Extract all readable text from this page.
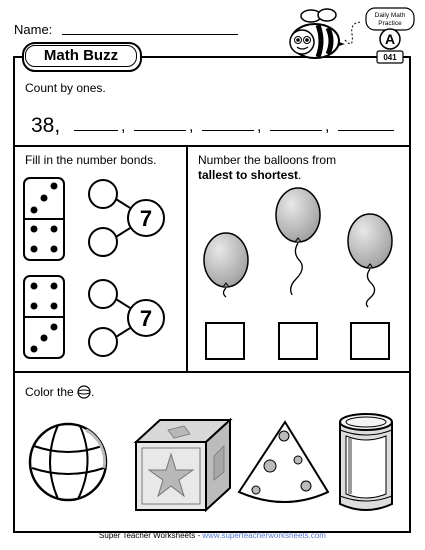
Name:
Math Buzz
Daily Math
Practice
A
041
Count by ones.
38,	,	,	,	,
Fill in the number bonds.
7
7
Number the balloons from
tallest to shortest.
Color the .
Super Teacher Worksheets - www.superteacherworksheets.com
